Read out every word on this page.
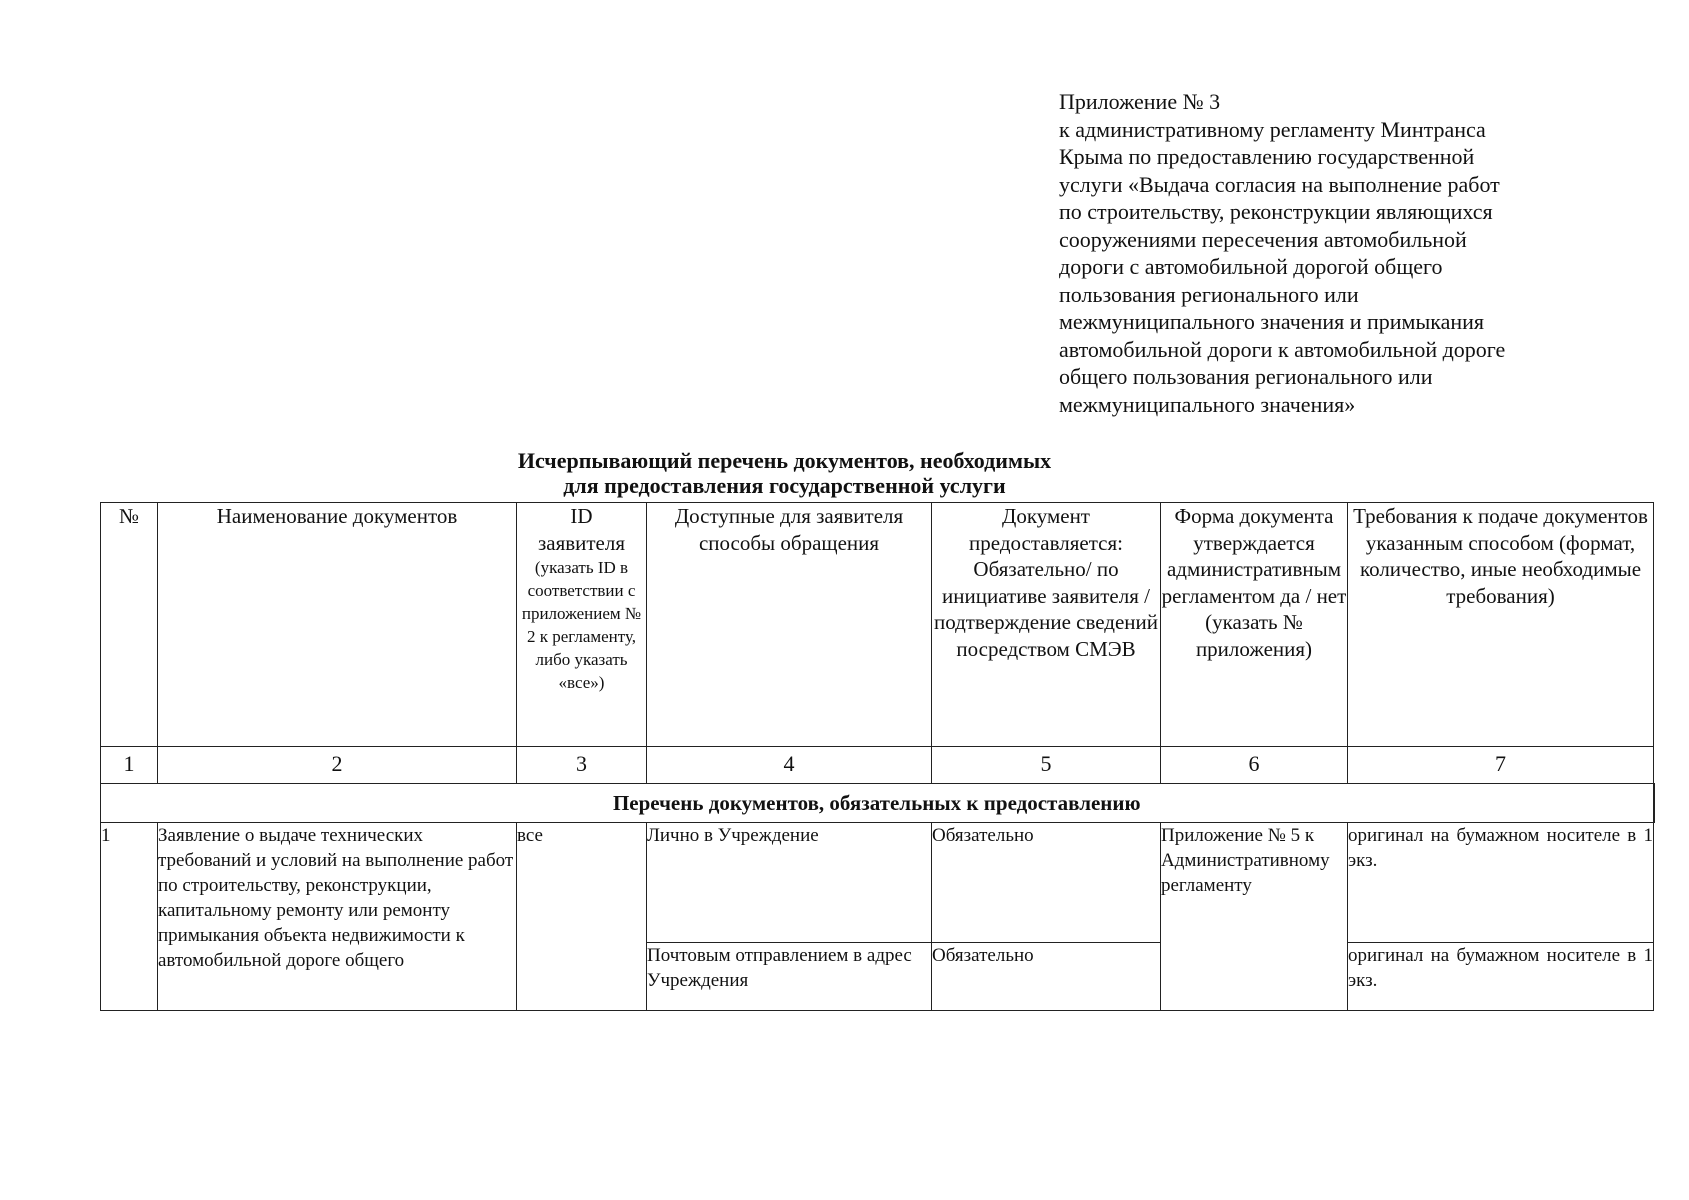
Приложение № 3
к административному регламенту Минтранса
Крыма по предоставлению государственной
услуги «Выдача согласия на выполнение работ
по строительству, реконструкции являющихся
сооружениями пересечения автомобильной
дороги с автомобильной дорогой общего
пользования регионального или
межмуниципального значения и примыкания
автомобильной дороги к автомобильной дороге
общего пользования регионального или
межмуниципального значения»
Исчерпывающий перечень документов, необходимых
для предоставления государственной услуги
№	Наименование документов	ID
заявителя
(указать ID в соответствии с приложением № 2 к регламенту, либо указать «все»)	Доступные для заявителя способы обращения	Документ предоставляется: Обязательно/ по инициативе заявителя /подтверждение сведений посредством СМЭВ	Форма документа утверждается административным регламентом да / нет (указать № приложения)	Требования к подаче документов указанным способом (формат, количество, иные необходимые требования)
1	2	3	4	5	6	7
Перечень документов, обязательных к предоставлению						
1	Заявление о выдаче технических требований и условий на выполнение работ по строительству, реконструкции, капитальному ремонту или ремонту примыкания объекта недвижимости к автомобильной дороге общего	все	Лично в Учреждение	Обязательно	Приложение № 5 к Административному регламенту	оригинал на бумажном носителе в 1 экз.
			Почтовым отправлением в адрес Учреждения	Обязательно		оригинал на бумажном носителе в 1 экз.
